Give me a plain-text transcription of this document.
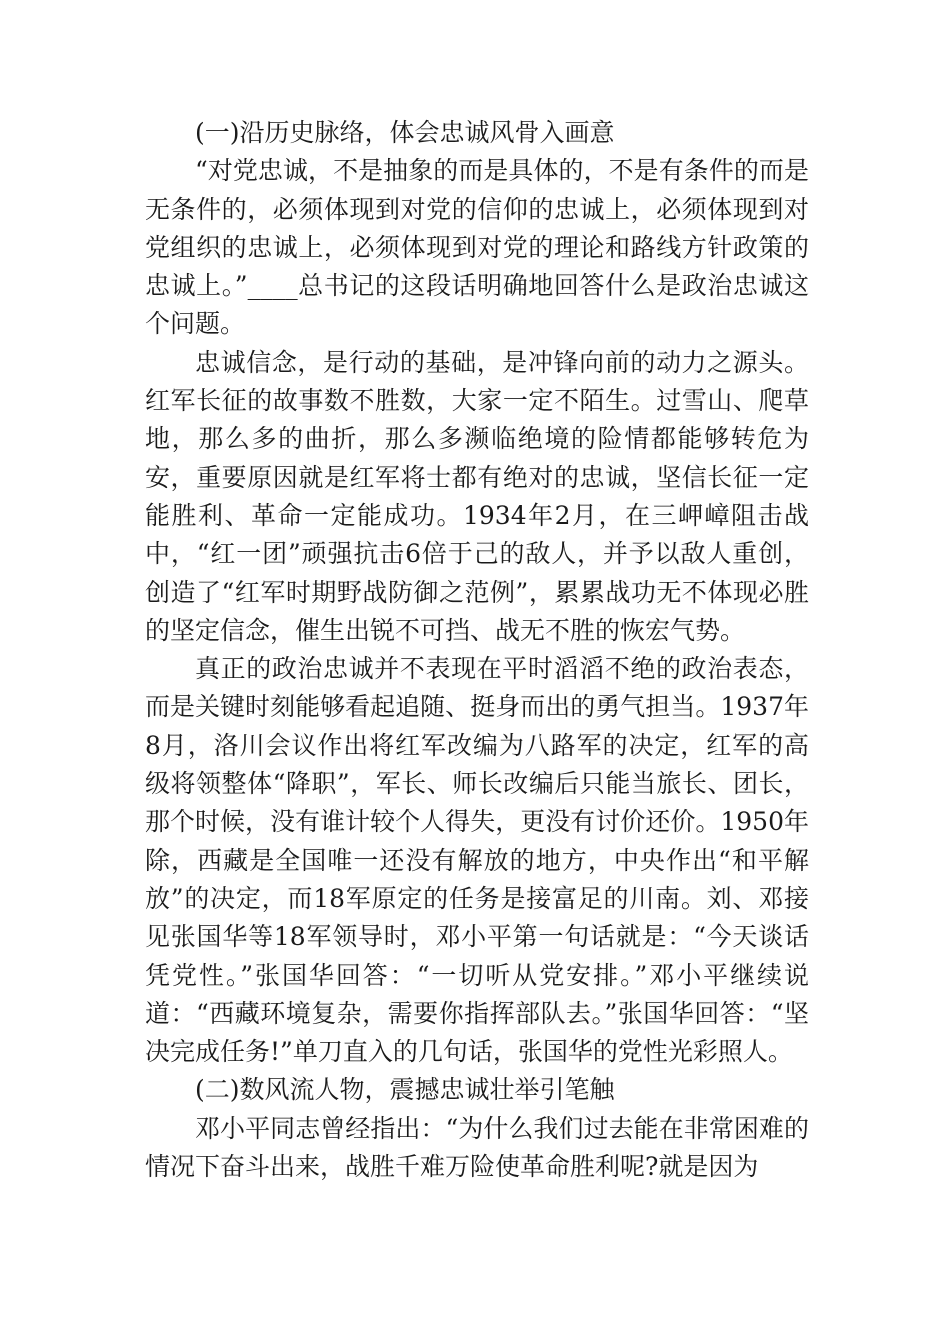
(一)沿历史脉络，体会忠诚风骨入画意

“对党忠诚，不是抽象的而是具体的，不是有条件的而是无条件的，必须体现到对党的信仰的忠诚上，必须体现到对党组织的忠诚上，必须体现到对党的理论和路线方针政策的忠诚上。”____总书记的这段话明确地回答什么是政治忠诚这个问题。

忠诚信念，是行动的基础，是冲锋向前的动力之源头。红军长征的故事数不胜数，大家一定不陌生。过雪山、爬草地，那么多的曲折，那么多濒临绝境的险情都能够转危为安，重要原因就是红军将士都有绝对的忠诚，坚信长征一定能胜利、革命一定能成功。1934年2月，在三岬嶂阻击战中，“红一团”顽强抗击6倍于己的敌人，并予以敌人重创，创造了“红军时期野战防御之范例”，累累战功无不体现必胜的坚定信念，催生出锐不可挡、战无不胜的恢宏气势。

真正的政治忠诚并不表现在平时滔滔不绝的政治表态，而是关键时刻能够看起追随、挺身而出的勇气担当。1937年8月，洛川会议作出将红军改编为八路军的决定，红军的高级将领整体“降职”，军长、师长改编后只能当旅长、团长，那个时候，没有谁计较个人得失，更没有讨价还价。1950年除，西藏是全国唯一还没有解放的地方，中央作出“和平解放”的决定，而18军原定的任务是接富足的川南。刘、邓接见张国华等18军领导时，邓小平第一句话就是：“今天谈话凭党性。”张国华回答：“一切听从党安排。”邓小平继续说道：“西藏环境复杂，需要你指挥部队去。”张国华回答：“坚决完成任务!”单刀直入的几句话，张国华的党性光彩照人。

(二)数风流人物，震撼忠诚壮举引笔触

邓小平同志曾经指出：“为什么我们过去能在非常困难的情况下奋斗出来，战胜千难万险使革命胜利呢?就是因为
